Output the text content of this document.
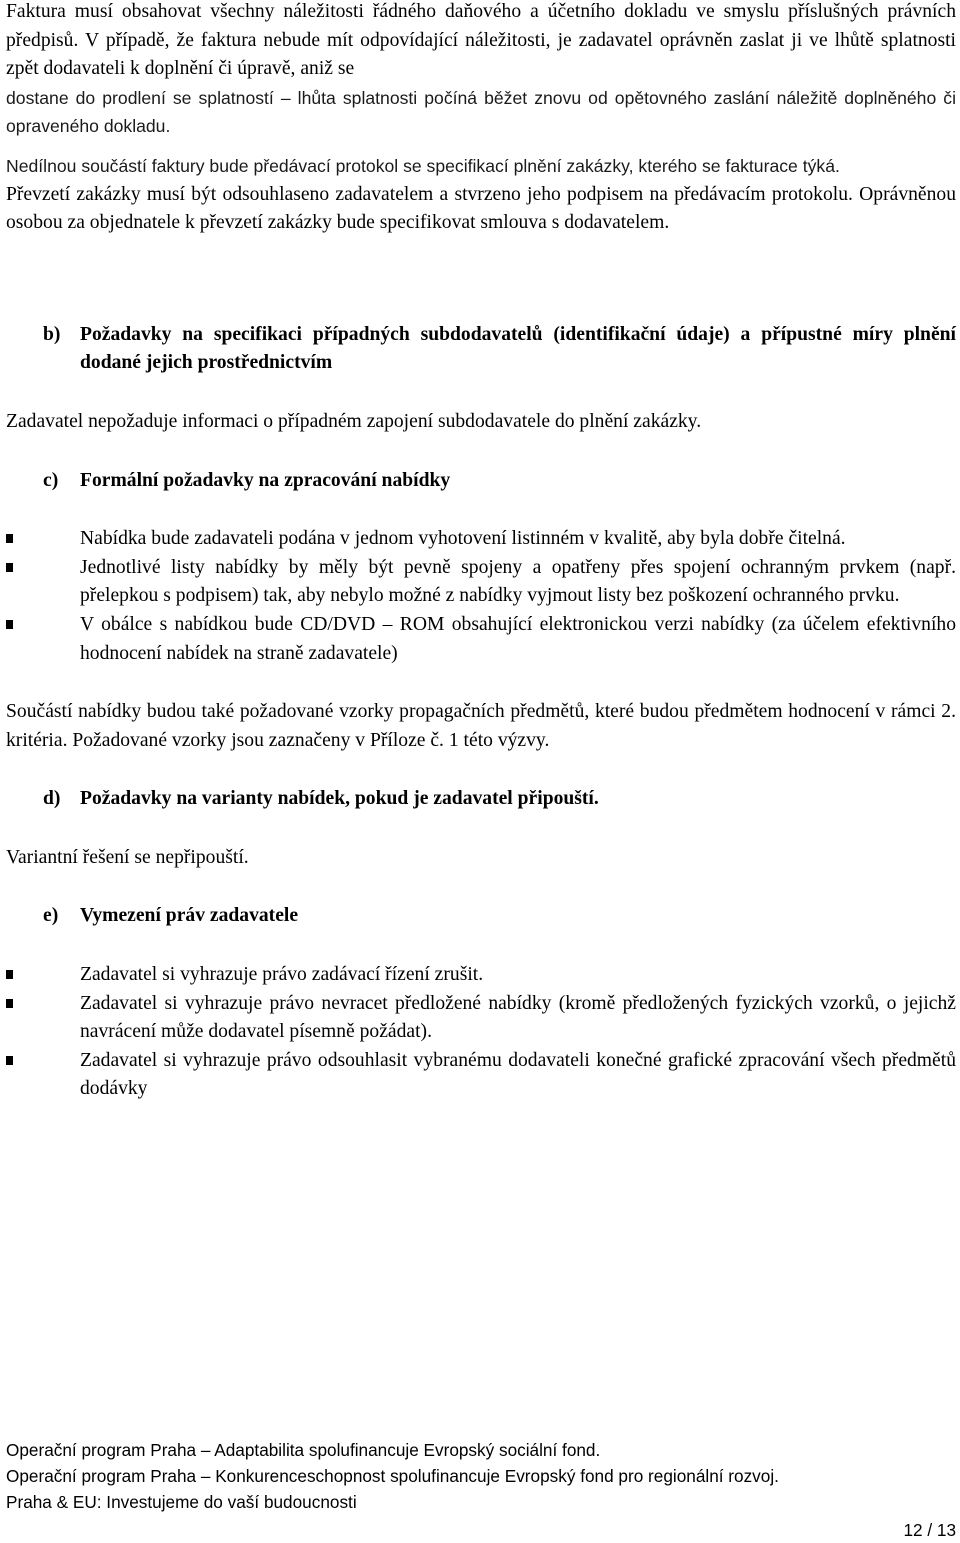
Faktura musí obsahovat všechny náležitosti řádného daňového a účetního dokladu ve smyslu příslušných právních předpisů. V případě, že faktura nebude mít odpovídající náležitosti, je zadavatel oprávněn zaslat ji ve lhůtě splatnosti zpět dodavateli k doplnění či úpravě, aniž se

dostane do prodlení se splatností – lhůta splatnosti počíná běžet znovu od opětovného zaslání náležitě doplněného či opraveného dokladu.

Nedílnou součástí faktury bude předávací protokol se specifikací plnění zakázky, kterého se fakturace týká.

Převzetí zakázky musí být odsouhlaseno zadavatelem a stvrzeno jeho podpisem na předávacím protokolu. Oprávněnou osobou za objednatele k převzetí zakázky bude specifikovat smlouva s dodavatelem.

b) Požadavky na specifikaci případných subdodavatelů (identifikační údaje) a přípustné míry plnění dodané jejich prostřednictvím

Zadavatel nepožaduje informaci o případném zapojení subdodavatele do plnění zakázky.

c)	Formální požadavky na zpracování nabídky
Nabídka bude zadavateli podána v jednom vyhotovení listinném v kvalitě, aby byla dobře čitelná.
Jednotlivé listy nabídky by měly být pevně spojeny a opatřeny přes spojení ochranným prvkem (např. přelepkou s podpisem) tak, aby nebylo možné z nabídky vyjmout listy bez poškození ochranného prvku.
V obálce s nabídkou bude CD/DVD – ROM obsahující elektronickou verzi nabídky (za účelem efektivního hodnocení nabídek na straně zadavatele)

Součástí nabídky budou také požadované vzorky propagačních předmětů, které budou předmětem hodnocení v rámci 2. kritéria. Požadované vzorky jsou zaznačeny v Příloze č. 1 této výzvy.

d) Požadavky na varianty nabídek, pokud je zadavatel připouští.

Variantní řešení se nepřipouští.

e)	Vymezení práv zadavatele
Zadavatel si vyhrazuje právo zadávací řízení zrušit.
Zadavatel si vyhrazuje právo nevracet předložené nabídky (kromě předložených fyzických vzorků, o jejichž navrácení může dodavatel písemně požádat).
Zadavatel si vyhrazuje právo odsouhlasit vybranému dodavateli konečné grafické zpracování všech předmětů dodávky
Operační program Praha – Adaptabilita spolufinancuje Evropský sociální fond.
Operační program Praha – Konkurenceschopnost spolufinancuje Evropský fond pro regionální rozvoj.
Praha & EU: Investujeme do vaší budoucnosti
12 / 13
